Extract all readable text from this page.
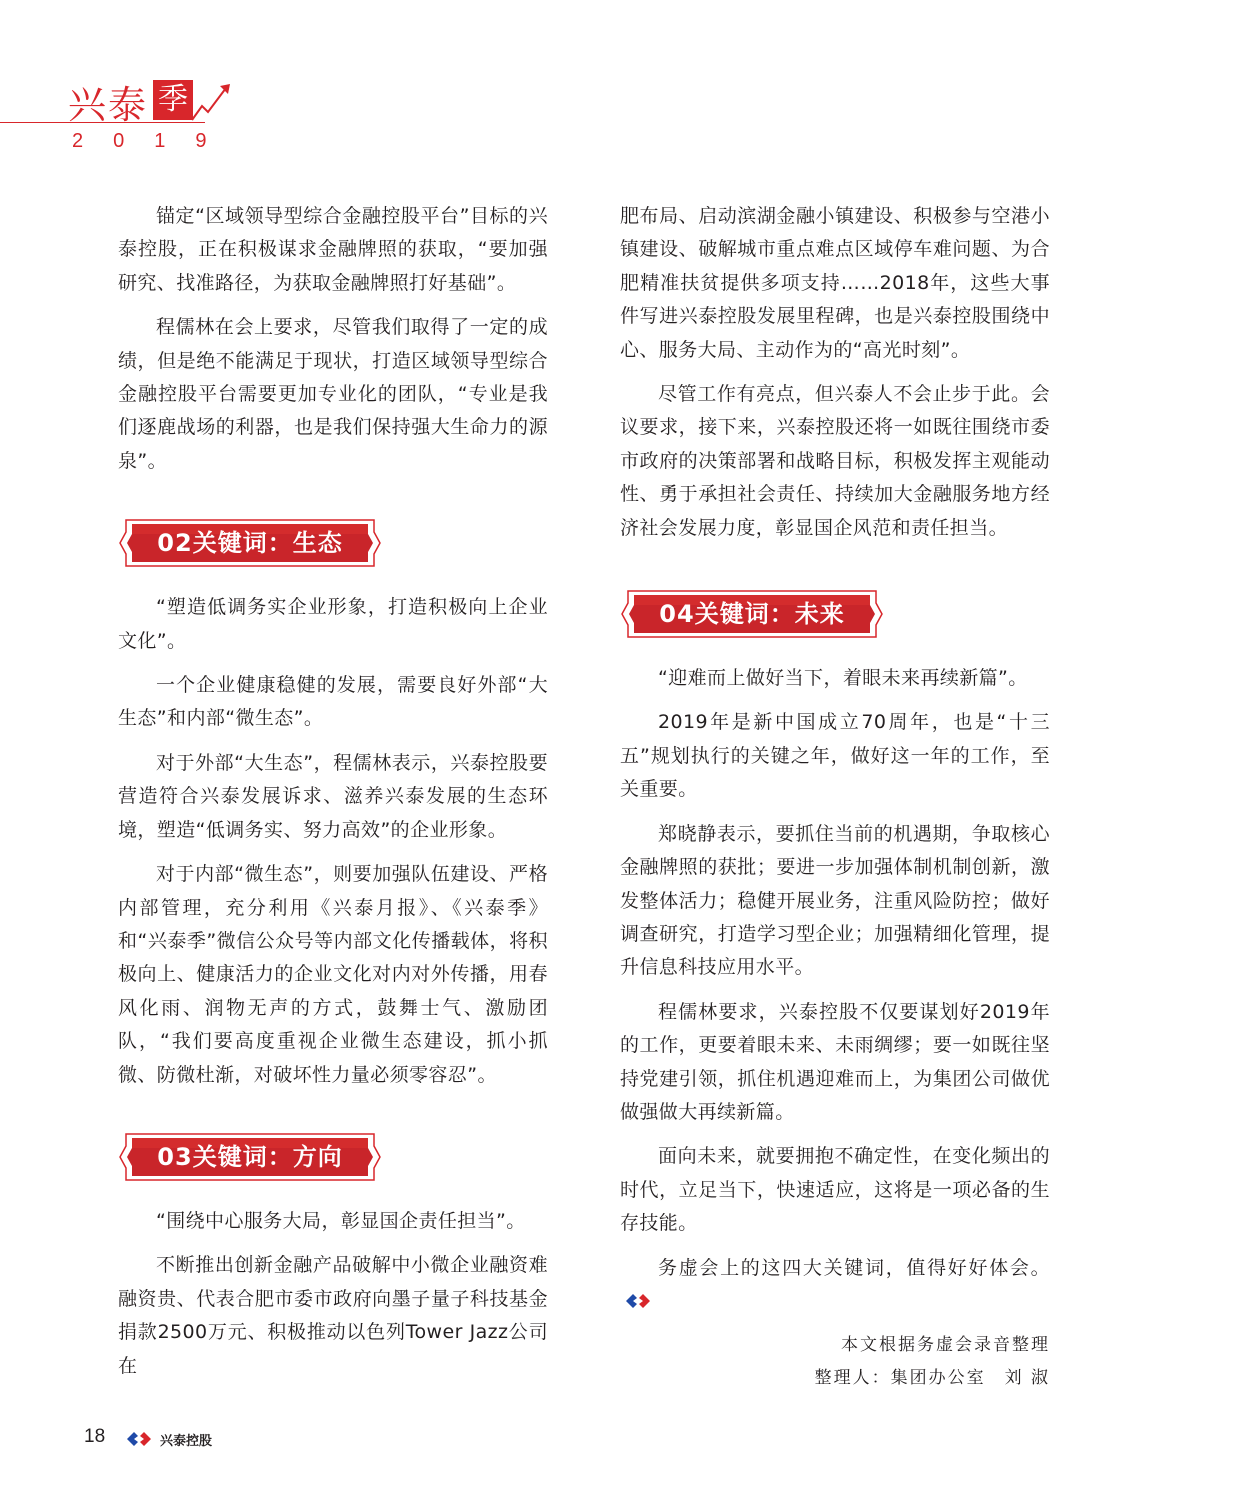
兴泰 季
2019

锚定“区域领导型综合金融控股平台”目标的兴泰控股，正在积极谋求金融牌照的获取，“要加强研究、找准路径，为获取金融牌照打好基础”。

程儒林在会上要求，尽管我们取得了一定的成绩，但是绝不能满足于现状，打造区域领导型综合金融控股平台需要更加专业化的团队，“专业是我们逐鹿战场的利器，也是我们保持强大生命力的源泉”。

02关键词：生态

“塑造低调务实企业形象，打造积极向上企业文化”。

一个企业健康稳健的发展，需要良好外部“大生态”和内部“微生态”。

对于外部“大生态”，程儒林表示，兴泰控股要营造符合兴泰发展诉求、滋养兴泰发展的生态环境，塑造“低调务实、努力高效”的企业形象。

对于内部“微生态”，则要加强队伍建设、严格内部管理，充分利用《兴泰月报》、《兴泰季》和“兴泰季”微信公众号等内部文化传播载体，将积极向上、健康活力的企业文化对内对外传播，用春风化雨、润物无声的方式，鼓舞士气、激励团队，“我们要高度重视企业微生态建设，抓小抓微、防微杜渐，对破坏性力量必须零容忍”。

03关键词：方向

“围绕中心服务大局，彰显国企责任担当”。

不断推出创新金融产品破解中小微企业融资难融资贵、代表合肥市委市政府向墨子量子科技基金捐款2500万元、积极推动以色列Tower Jazz公司在

肥布局、启动滨湖金融小镇建设、积极参与空港小镇建设、破解城市重点难点区域停车难问题、为合肥精准扶贫提供多项支持……2018年，这些大事件写进兴泰控股发展里程碑，也是兴泰控股围绕中心、服务大局、主动作为的“高光时刻”。

尽管工作有亮点，但兴泰人不会止步于此。会议要求，接下来，兴泰控股还将一如既往围绕市委市政府的决策部署和战略目标，积极发挥主观能动性、勇于承担社会责任、持续加大金融服务地方经济社会发展力度，彰显国企风范和责任担当。

04关键词：未来

“迎难而上做好当下，着眼未来再续新篇”。

2019年是新中国成立70周年，也是“十三五”规划执行的关键之年，做好这一年的工作，至关重要。

郑晓静表示，要抓住当前的机遇期，争取核心金融牌照的获批；要进一步加强体制机制创新，激发整体活力；稳健开展业务，注重风险防控；做好调查研究，打造学习型企业；加强精细化管理，提升信息科技应用水平。

程儒林要求，兴泰控股不仅要谋划好2019年的工作，更要着眼未来、未雨绸缪；要一如既往坚持党建引领，抓住机遇迎难而上，为集团公司做优做强做大再续新篇。

面向未来，就要拥抱不确定性，在变化频出的时代，立足当下，快速适应，这将是一项必备的生存技能。

务虚会上的这四大关键词，值得好好体会。

本文根据务虚会录音整理
整理人：集团办公室　刘 淑
18	兴泰控股
